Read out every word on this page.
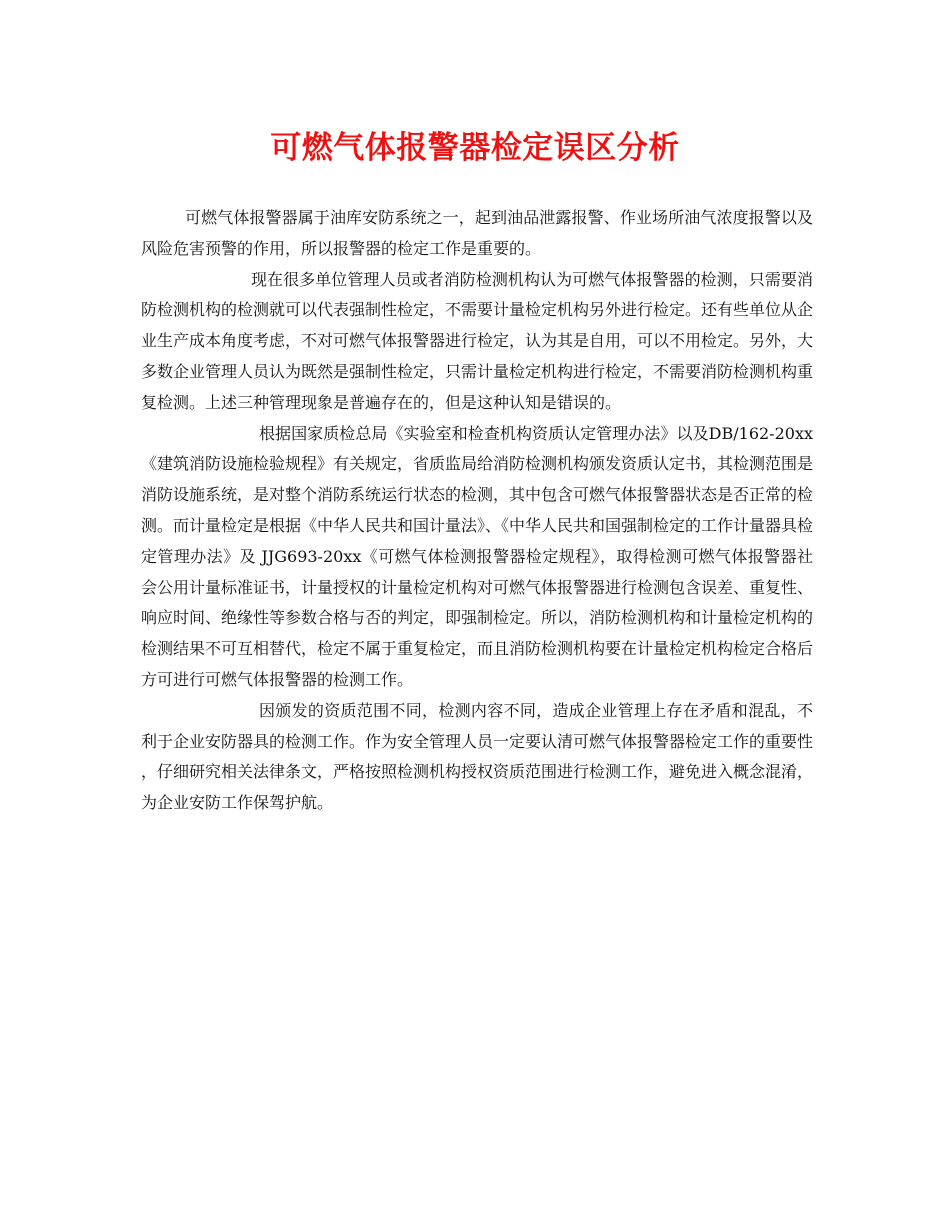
可燃气体报警器检定误区分析

可燃气体报警器属于油库安防系统之一，起到油品泄露报警、作业场所油气浓度报警以及风险危害预警的作用，所以报警器的检定工作是重要的。

现在很多单位管理人员或者消防检测机构认为可燃气体报警器的检测，只需要消防检测机构的检测就可以代表强制性检定，不需要计量检定机构另外进行检定。还有些单位从企业生产成本角度考虑，不对可燃气体报警器进行检定，认为其是自用，可以不用检定。另外，大多数企业管理人员认为既然是强制性检定，只需计量检定机构进行检定，不需要消防检测机构重复检测。上述三种管理现象是普遍存在的，但是这种认知是错误的。

根据国家质检总局《实验室和检查机构资质认定管理办法》以及DB/162-20xx《建筑消防设施检验规程》有关规定，省质监局给消防检测机构颁发资质认定书，其检测范围是消防设施系统，是对整个消防系统运行状态的检测，其中包含可燃气体报警器状态是否正常的检测。而计量检定是根据《中华人民共和国计量法》、《中华人民共和国强制检定的工作计量器具检定管理办法》及 JJG693-20xx《可燃气体检测报警器检定规程》，取得检测可燃气体报警器社会公用计量标准证书，计量授权的计量检定机构对可燃气体报警器进行检测包含误差、重复性、响应时间、绝缘性等参数合格与否的判定，即强制检定。所以，消防检测机构和计量检定机构的检测结果不可互相替代，检定不属于重复检定，而且消防检测机构要在计量检定机构检定合格后方可进行可燃气体报警器的检测工作。

因颁发的资质范围不同，检测内容不同，造成企业管理上存在矛盾和混乱，不利于企业安防器具的检测工作。作为安全管理人员一定要认清可燃气体报警器检定工作的重要性，仔细研究相关法律条文，严格按照检测机构授权资质范围进行检测工作，避免进入概念混淆，为企业安防工作保驾护航。
